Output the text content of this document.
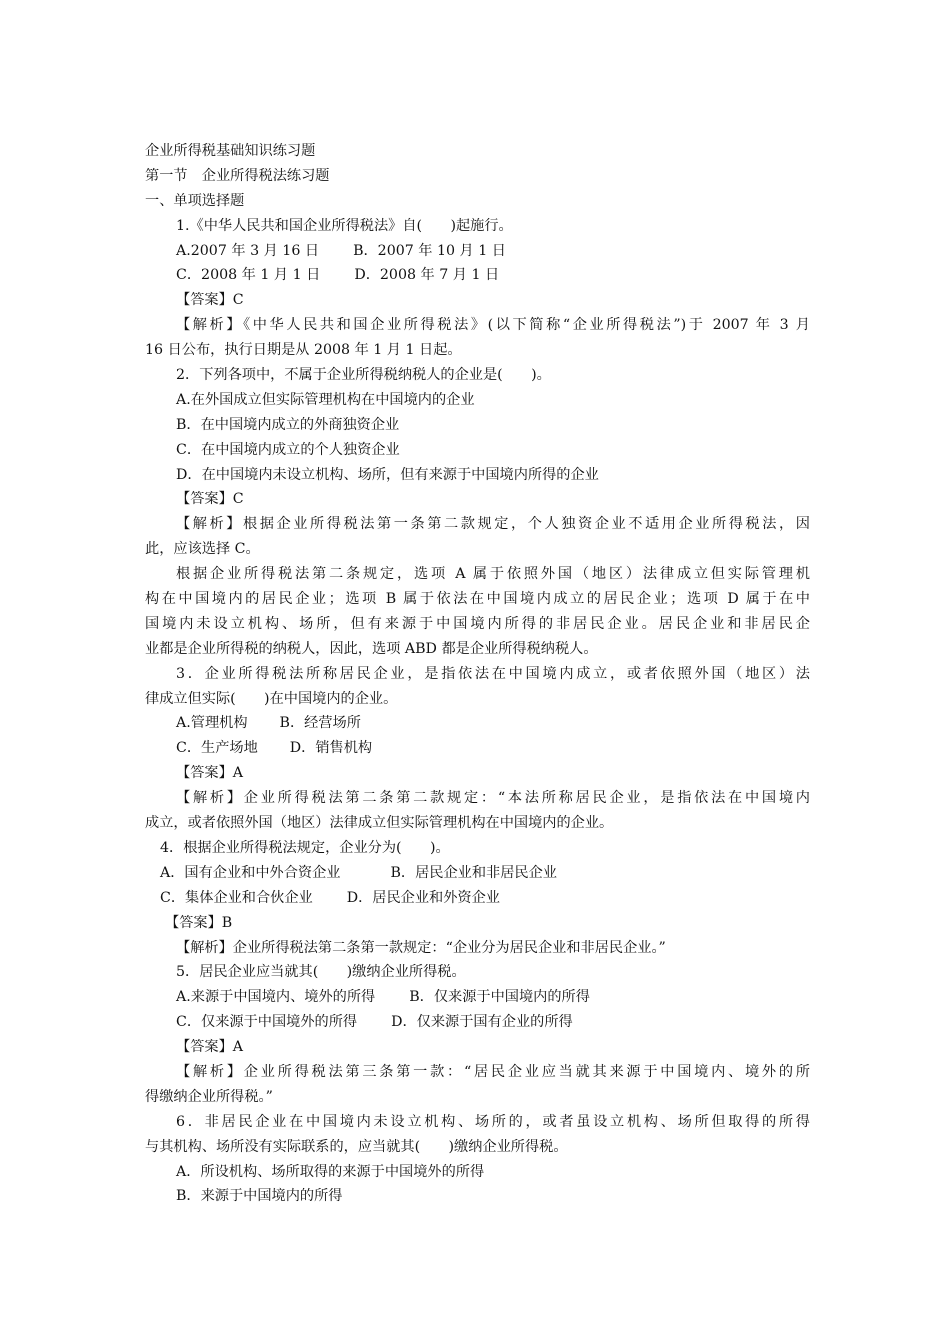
企业所得税基础知识练习题
第一节　企业所得税法练习题
一、单项选择题
1.《中华人民共和国企业所得税法》自(　　)起施行。
A.2007 年 3 月 16 日 B．2007 年 10 月 1 日
C．2008 年 1 月 1 日 D．2008 年 7 月 1 日
【答案】C
【解析】《中华人民共和国企业所得税法》(以下简称“企业所得税法”)于 2007 年 3 月
16 日公布，执行日期是从 2008 年 1 月 1 日起。
2．下列各项中，不属于企业所得税纳税人的企业是(　　)。
A.在外国成立但实际管理机构在中国境内的企业
B．在中国境内成立的外商独资企业
C．在中国境内成立的个人独资企业
D．在中国境内未设立机构、场所，但有来源于中国境内所得的企业
【答案】C
【解析】根据企业所得税法第一条第二款规定，个人独资企业不适用企业所得税法，因
此，应该选择 C。
根据企业所得税法第二条规定，选项 A 属于依照外国（地区）法律成立但实际管理机
构在中国境内的居民企业；选项 B 属于依法在中国境内成立的居民企业；选项 D 属于在中
国境内未设立机构、场所，但有来源于中国境内所得的非居民企业。居民企业和非居民企
业都是企业所得税的纳税人，因此，选项 ABD 都是企业所得税纳税人。
3．企业所得税法所称居民企业，是指依法在中国境内成立，或者依照外国（地区）法
律成立但实际(　　)在中国境内的企业。
A.管理机构 B．经营场所
C．生产场地 D．销售机构
【答案】A
【解析】企业所得税法第二条第二款规定：“本法所称居民企业，是指依法在中国境内
成立，或者依照外国（地区）法律成立但实际管理机构在中国境内的企业。
4．根据企业所得税法规定，企业分为(　　)。
A．国有企业和中外合资企业	B．居民企业和非居民企业
C．集体企业和合伙企业 D．居民企业和外资企业
【答案】B
【解析】企业所得税法第二条第一款规定：“企业分为居民企业和非居民企业。”
5．居民企业应当就其(　　)缴纳企业所得税。
A.来源于中国境内、境外的所得 B．仅来源于中国境内的所得
C．仅来源于中国境外的所得 D．仅来源于国有企业的所得
【答案】A
【解析】企业所得税法第三条第一款：“居民企业应当就其来源于中国境内、境外的所
得缴纳企业所得税。”
6．非居民企业在中国境内未设立机构、场所的，或者虽设立机构、场所但取得的所得
与其机构、场所没有实际联系的，应当就其(　　)缴纳企业所得税。
A．所设机构、场所取得的来源于中国境外的所得
B．来源于中国境内的所得
